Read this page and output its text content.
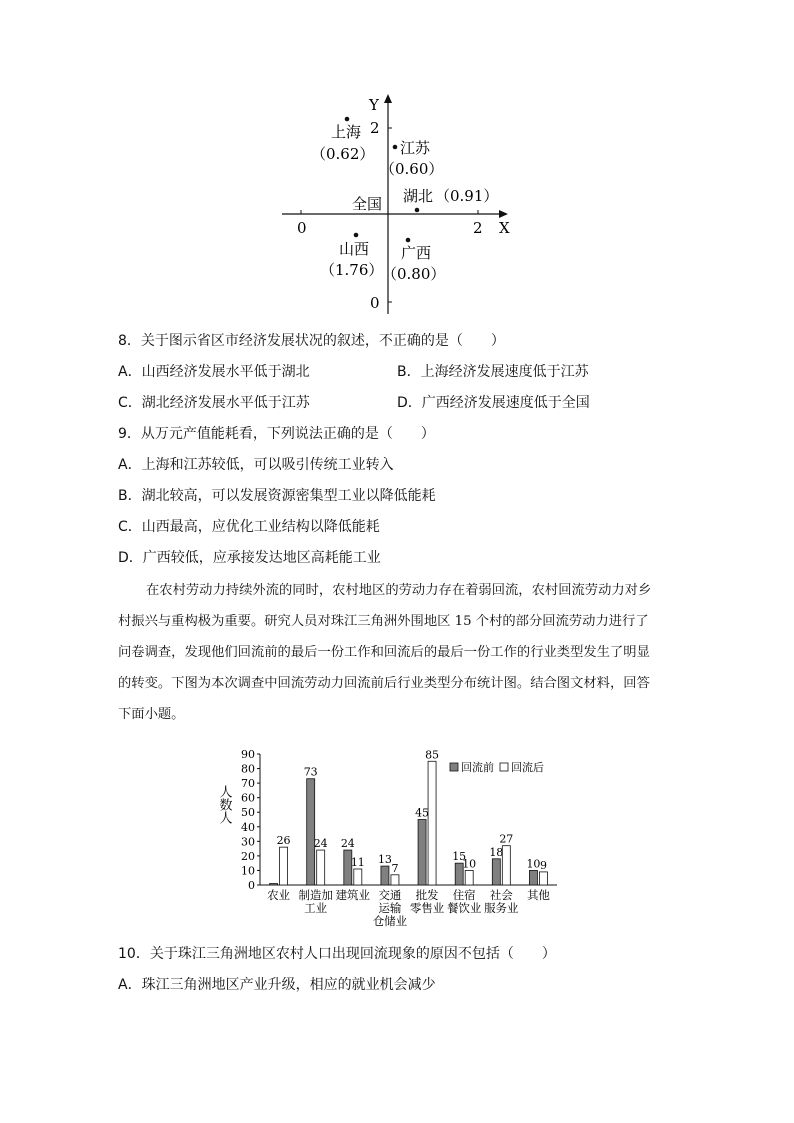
Y
X
0	2
2
0
上海
（0.62） 江苏
（0.60）
湖北 （0.91）
全国
山西
（1.76）
广西
（0.80）
8．关于图示省区市经济发展状况的叙述，不正确的是（　　）
A．山西经济发展水平低于湖北	B．上海经济发展速度低于江苏
C．湖北经济发展水平低于江苏	D．广西经济发展速度低于全国
9．从万元产值能耗看，下列说法正确的是（　　）
A．上海和江苏较低，可以吸引传统工业转入
B．湖北较高，可以发展资源密集型工业以降低能耗
C．山西最高，应优化工业结构以降低能耗
D．广西较低，应承接发达地区高耗能工业
在农村劳动力持续外流的同时，农村地区的劳动力存在着弱回流，农村回流劳动力对乡
村振兴与重构极为重要。研究人员对珠江三角洲外围地区 15 个村的部分回流劳动力进行了
问卷调查，发现他们回流前的最后一份工作和回流后的最后一份工作的行业类型发生了明显
的转变。下图为本次调查中回流劳动力回流前后行业类型分布统计图。结合图文材料，回答
下面小题。
人数人
0
10
20
30
40
50
60
70
80
90
26
73
24 24
11 13
7
45
85
15
10
18
27
10 9
农业 制造加
工业
建筑业 交通
运输
仓储业
批发
零售业
住宿
餐饮业
社会
服务业
其他
回流前 回流后
10．关于珠江三角洲地区农村人口出现回流现象的原因不包括（　　）
A．珠江三角洲地区产业升级，相应的就业机会减少
